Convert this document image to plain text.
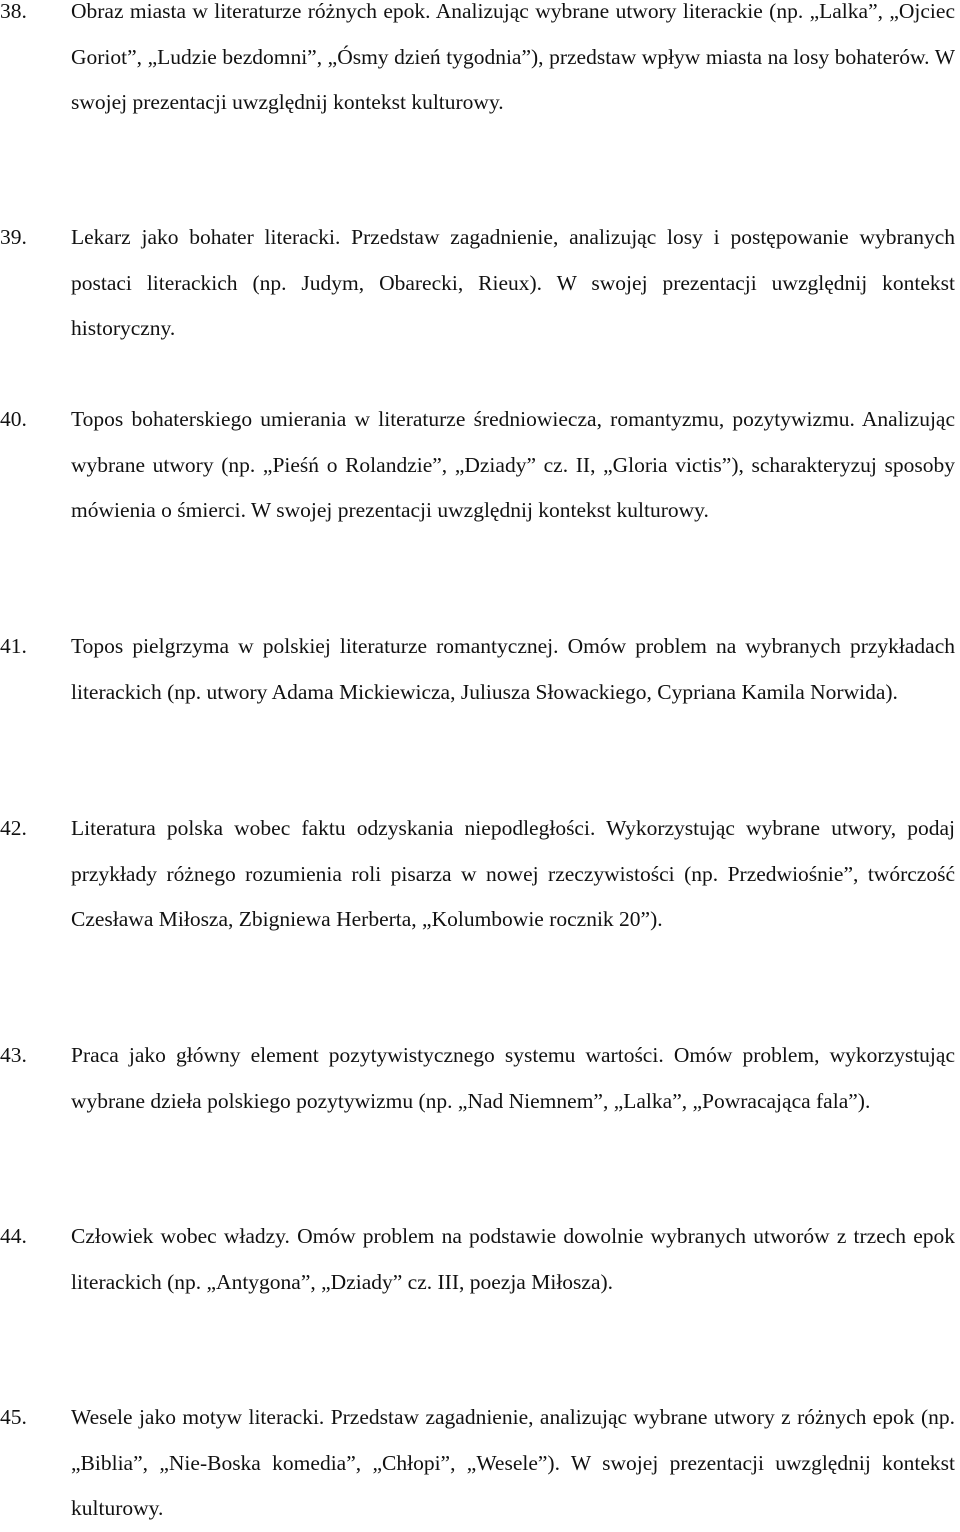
38.	Obraz miasta w literaturze różnych epok. Analizując wybrane utwory literackie (np. „Lalka”, „Ojciec Goriot”, „Ludzie bezdomni”, „Ósmy dzień tygodnia”), przedstaw wpływ miasta na losy bohaterów. W swojej prezentacji uwzględnij kontekst kulturowy.
39.	Lekarz jako bohater literacki. Przedstaw zagadnienie, analizując losy i postępowanie wybranych postaci literackich (np. Judym, Obarecki, Rieux). W swojej prezentacji uwzględnij kontekst historyczny.
40.	Topos bohaterskiego umierania w literaturze średniowiecza, romantyzmu, pozytywizmu. Analizując wybrane utwory (np. „Pieśń o Rolandzie”, „Dziady” cz. II, „Gloria victis”), scharakteryzuj sposoby mówienia o śmierci. W swojej prezentacji uwzględnij kontekst kulturowy.
41.	Topos pielgrzyma w polskiej literaturze romantycznej. Omów problem na wybranych przykładach literackich (np. utwory Adama Mickiewicza, Juliusza Słowackiego, Cypriana Kamila Norwida).
42.	Literatura polska wobec faktu odzyskania niepodległości. Wykorzystując wybrane utwory, podaj przykłady różnego rozumienia roli pisarza w nowej rzeczywistości (np. Przedwiośnie”, twórczość Czesława Miłosza, Zbigniewa Herberta, „Kolumbowie rocznik 20”).
43.	Praca jako główny element pozytywistycznego systemu wartości. Omów problem, wykorzystując wybrane dzieła polskiego pozytywizmu (np. „Nad Niemnem”, „Lalka”, „Powracająca fala”).
44.	Człowiek wobec władzy. Omów problem na podstawie dowolnie wybranych utworów z trzech epok literackich (np. „Antygona”, „Dziady” cz. III, poezja Miłosza).
45.	Wesele jako motyw literacki. Przedstaw zagadnienie, analizując wybrane utwory z różnych epok (np. „Biblia”, „Nie-Boska komedia”, „Chłopi”, „Wesele”). W swojej prezentacji uwzględnij kontekst kulturowy.
